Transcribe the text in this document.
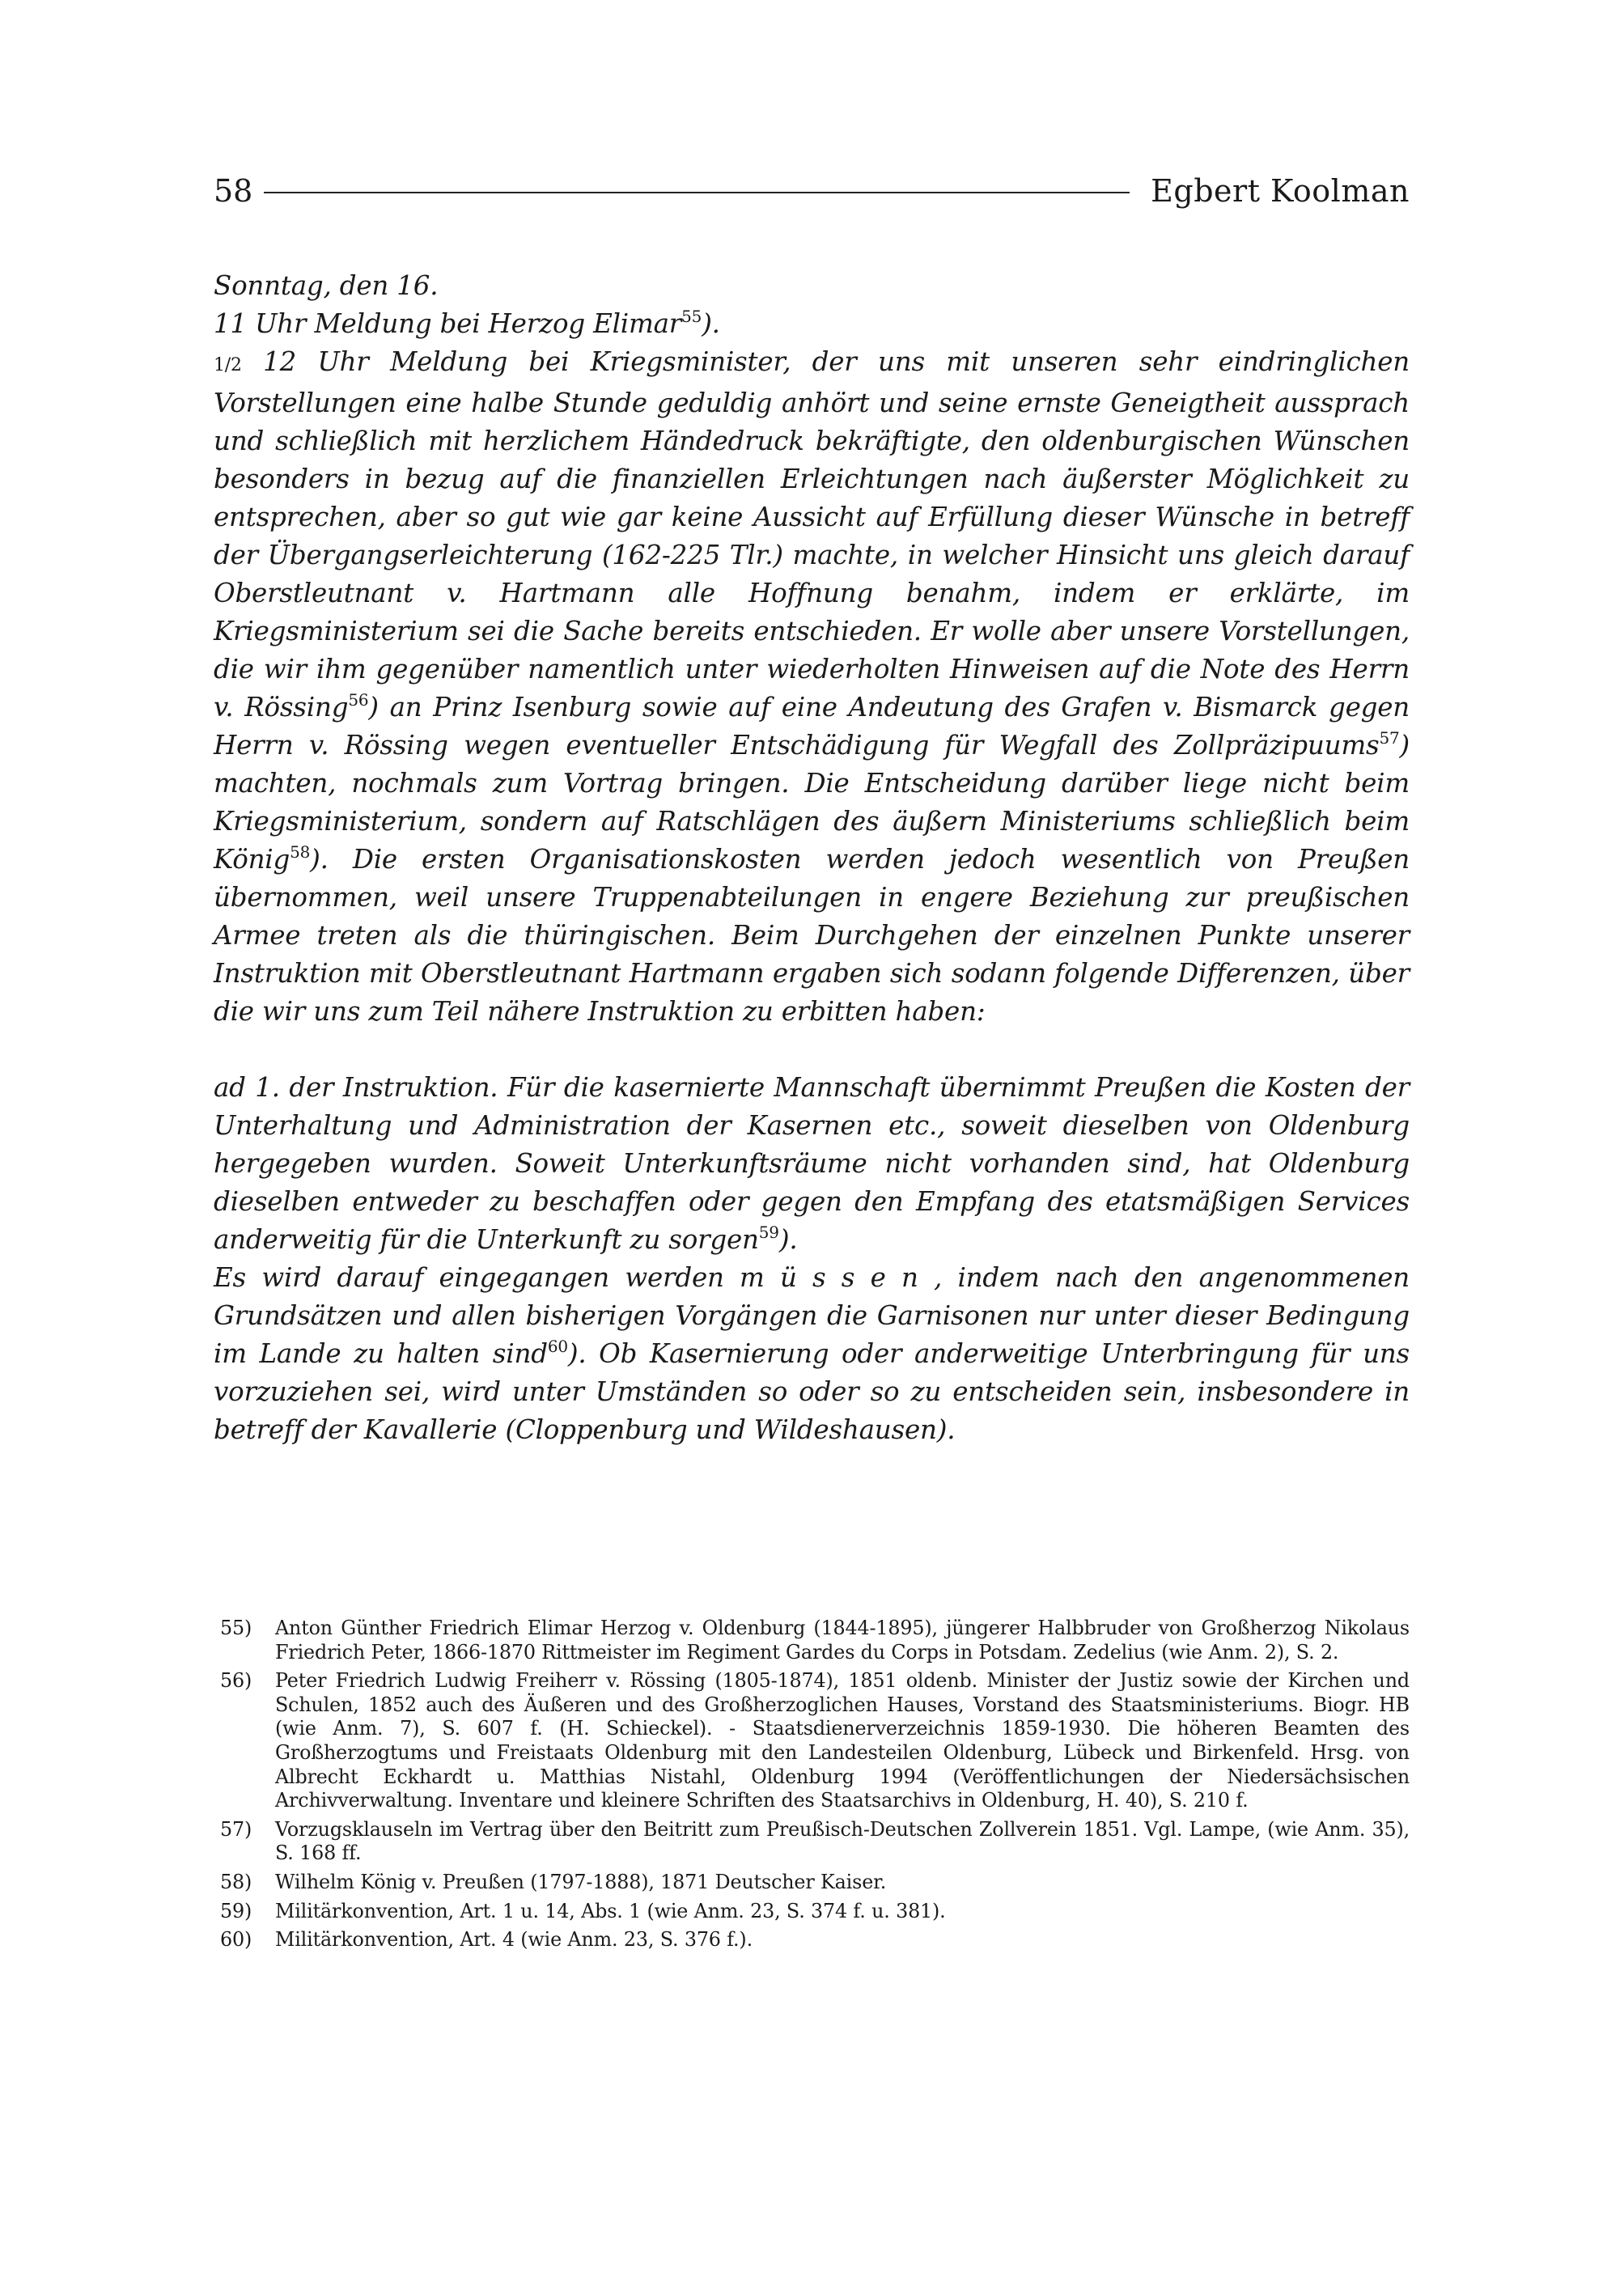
58	Egbert Koolman

Sonntag, den 16.

11 Uhr Meldung bei Herzog Elimar$^{55}$).

1/2 12 Uhr Meldung bei Kriegsminister, der uns mit unseren sehr eindringlichen Vorstellungen eine halbe Stunde geduldig anhört und seine ernste Geneigtheit aussprach und schließlich mit herzlichem Händedruck bekräftigte, den oldenburgischen Wünschen besonders in bezug auf die finanziellen Erleichtungen nach äußerster Möglichkeit zu entsprechen, aber so gut wie gar keine Aussicht auf Erfüllung dieser Wünsche in betreff der Übergangserleichterung (162-225 Tlr.) machte, in welcher Hinsicht uns gleich darauf Oberstleutnant v. Hartmann alle Hoffnung benahm, indem er erklärte, im Kriegsministerium sei die Sache bereits entschieden. Er wolle aber unsere Vorstellungen, die wir ihm gegenüber namentlich unter wiederholten Hinweisen auf die Note des Herrn v. Rössing$^{56}$) an Prinz Isenburg sowie auf eine Andeutung des Grafen v. Bismarck gegen Herrn v. Rössing wegen eventueller Entschädigung für Wegfall des Zollpräzipuums$^{57}$) machten, nochmals zum Vortrag bringen. Die Entscheidung darüber liege nicht beim Kriegsministerium, sondern auf Ratschlägen des äußern Ministeriums schließlich beim König$^{58}$). Die ersten Organisationskosten werden jedoch wesentlich von Preußen übernommen, weil unsere Truppenabteilungen in engere Beziehung zur preußischen Armee treten als die thüringischen. Beim Durchgehen der einzelnen Punkte unserer Instruktion mit Oberstleutnant Hartmann ergaben sich sodann folgende Differenzen, über die wir uns zum Teil nähere Instruktion zu erbitten haben:

ad 1. der Instruktion. Für die kasernierte Mannschaft übernimmt Preußen die Kosten der Unterhaltung und Administration der Kasernen etc., soweit dieselben von Oldenburg hergegeben wurden. Soweit Unterkunftsräume nicht vorhanden sind, hat Oldenburg dieselben entweder zu beschaffen oder gegen den Empfang des etatsmäßigen Services anderweitig für die Unterkunft zu sorgen$^{59}$).

Es wird darauf eingegangen werden m ü s s e n , indem nach den angenommenen Grundsätzen und allen bisherigen Vorgängen die Garnisonen nur unter dieser Bedingung im Lande zu halten sind$^{60}$). Ob Kasernierung oder anderweitige Unterbringung für uns vorzuziehen sei, wird unter Umständen so oder so zu entscheiden sein, insbesondere in betreff der Kavallerie (Cloppenburg und Wildeshausen).

55)	Anton Günther Friedrich Elimar Herzog v. Oldenburg (1844-1895), jüngerer Halbbruder von Großherzog Nikolaus Friedrich Peter, 1866-1870 Rittmeister im Regiment Gardes du Corps in Potsdam. Zedelius (wie Anm. 2), S. 2.
56)	Peter Friedrich Ludwig Freiherr v. Rössing (1805-1874), 1851 oldenb. Minister der Justiz sowie der Kirchen und Schulen, 1852 auch des Äußeren und des Großherzoglichen Hauses, Vorstand des Staatsministeriums. Biogr. HB (wie Anm. 7), S. 607 f. (H. Schieckel). - Staatsdienerverzeichnis 1859-1930. Die höheren Beamten des Großherzogtums und Freistaats Oldenburg mit den Landesteilen Oldenburg, Lübeck und Birkenfeld. Hrsg. von Albrecht Eckhardt u. Matthias Nistahl, Oldenburg 1994 (Veröffentlichungen der Niedersächsischen Archivverwaltung. Inventare und kleinere Schriften des Staatsarchivs in Oldenburg, H. 40), S. 210 f.
57)	Vorzugsklauseln im Vertrag über den Beitritt zum Preußisch-Deutschen Zollverein 1851. Vgl. Lampe, (wie Anm. 35), S. 168 ff.
58)	Wilhelm König v. Preußen (1797-1888), 1871 Deutscher Kaiser.
59)	Militärkonvention, Art. 1 u. 14, Abs. 1 (wie Anm. 23, S. 374 f. u. 381).
60)	Militärkonvention, Art. 4 (wie Anm. 23, S. 376 f.).
